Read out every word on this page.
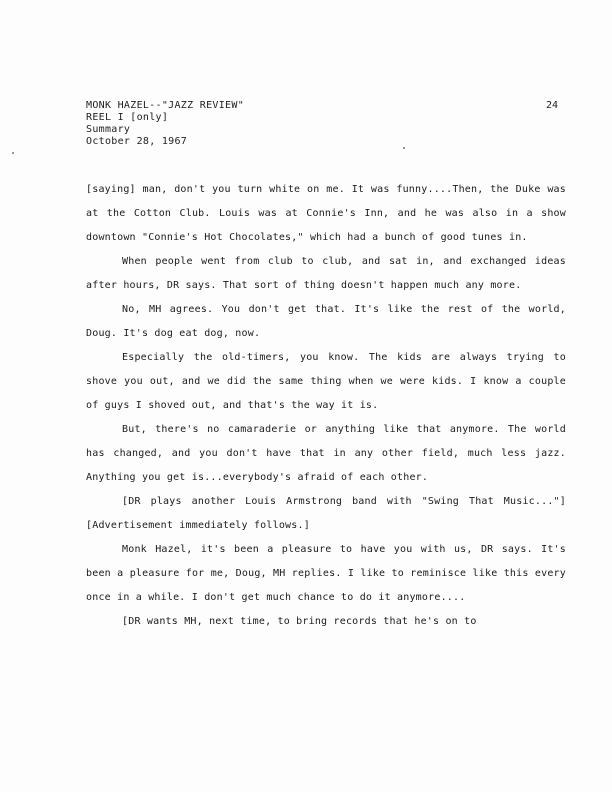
MONK HAZEL--"JAZZ REVIEW"
REEL I [only]
Summary
October 28, 1967
24

[saying] man, don't you turn white on me. It was funny....Then, the Duke was at the Cotton Club. Louis was at Connie's Inn, and he was also in a show downtown "Connie's Hot Chocolates," which had a bunch of good tunes in.

When people went from club to club, and sat in, and exchanged ideas after hours, DR says. That sort of thing doesn't happen much any more.

No, MH agrees. You don't get that. It's like the rest of the world, Doug. It's dog eat dog, now.

Especially the old-timers, you know. The kids are always trying to shove you out, and we did the same thing when we were kids. I know a couple of guys I shoved out, and that's the way it is.

But, there's no camaraderie or anything like that anymore. The world has changed, and you don't have that in any other field, much less jazz. Anything you get is...everybody's afraid of each other.

[DR plays another Louis Armstrong band with "Swing That Music..."] [Advertisement immediately follows.]

Monk Hazel, it's been a pleasure to have you with us, DR says. It's been a pleasure for me, Doug, MH replies. I like to reminisce like this every once in a while. I don't get much chance to do it anymore....

[DR wants MH, next time, to bring records that he's on to
